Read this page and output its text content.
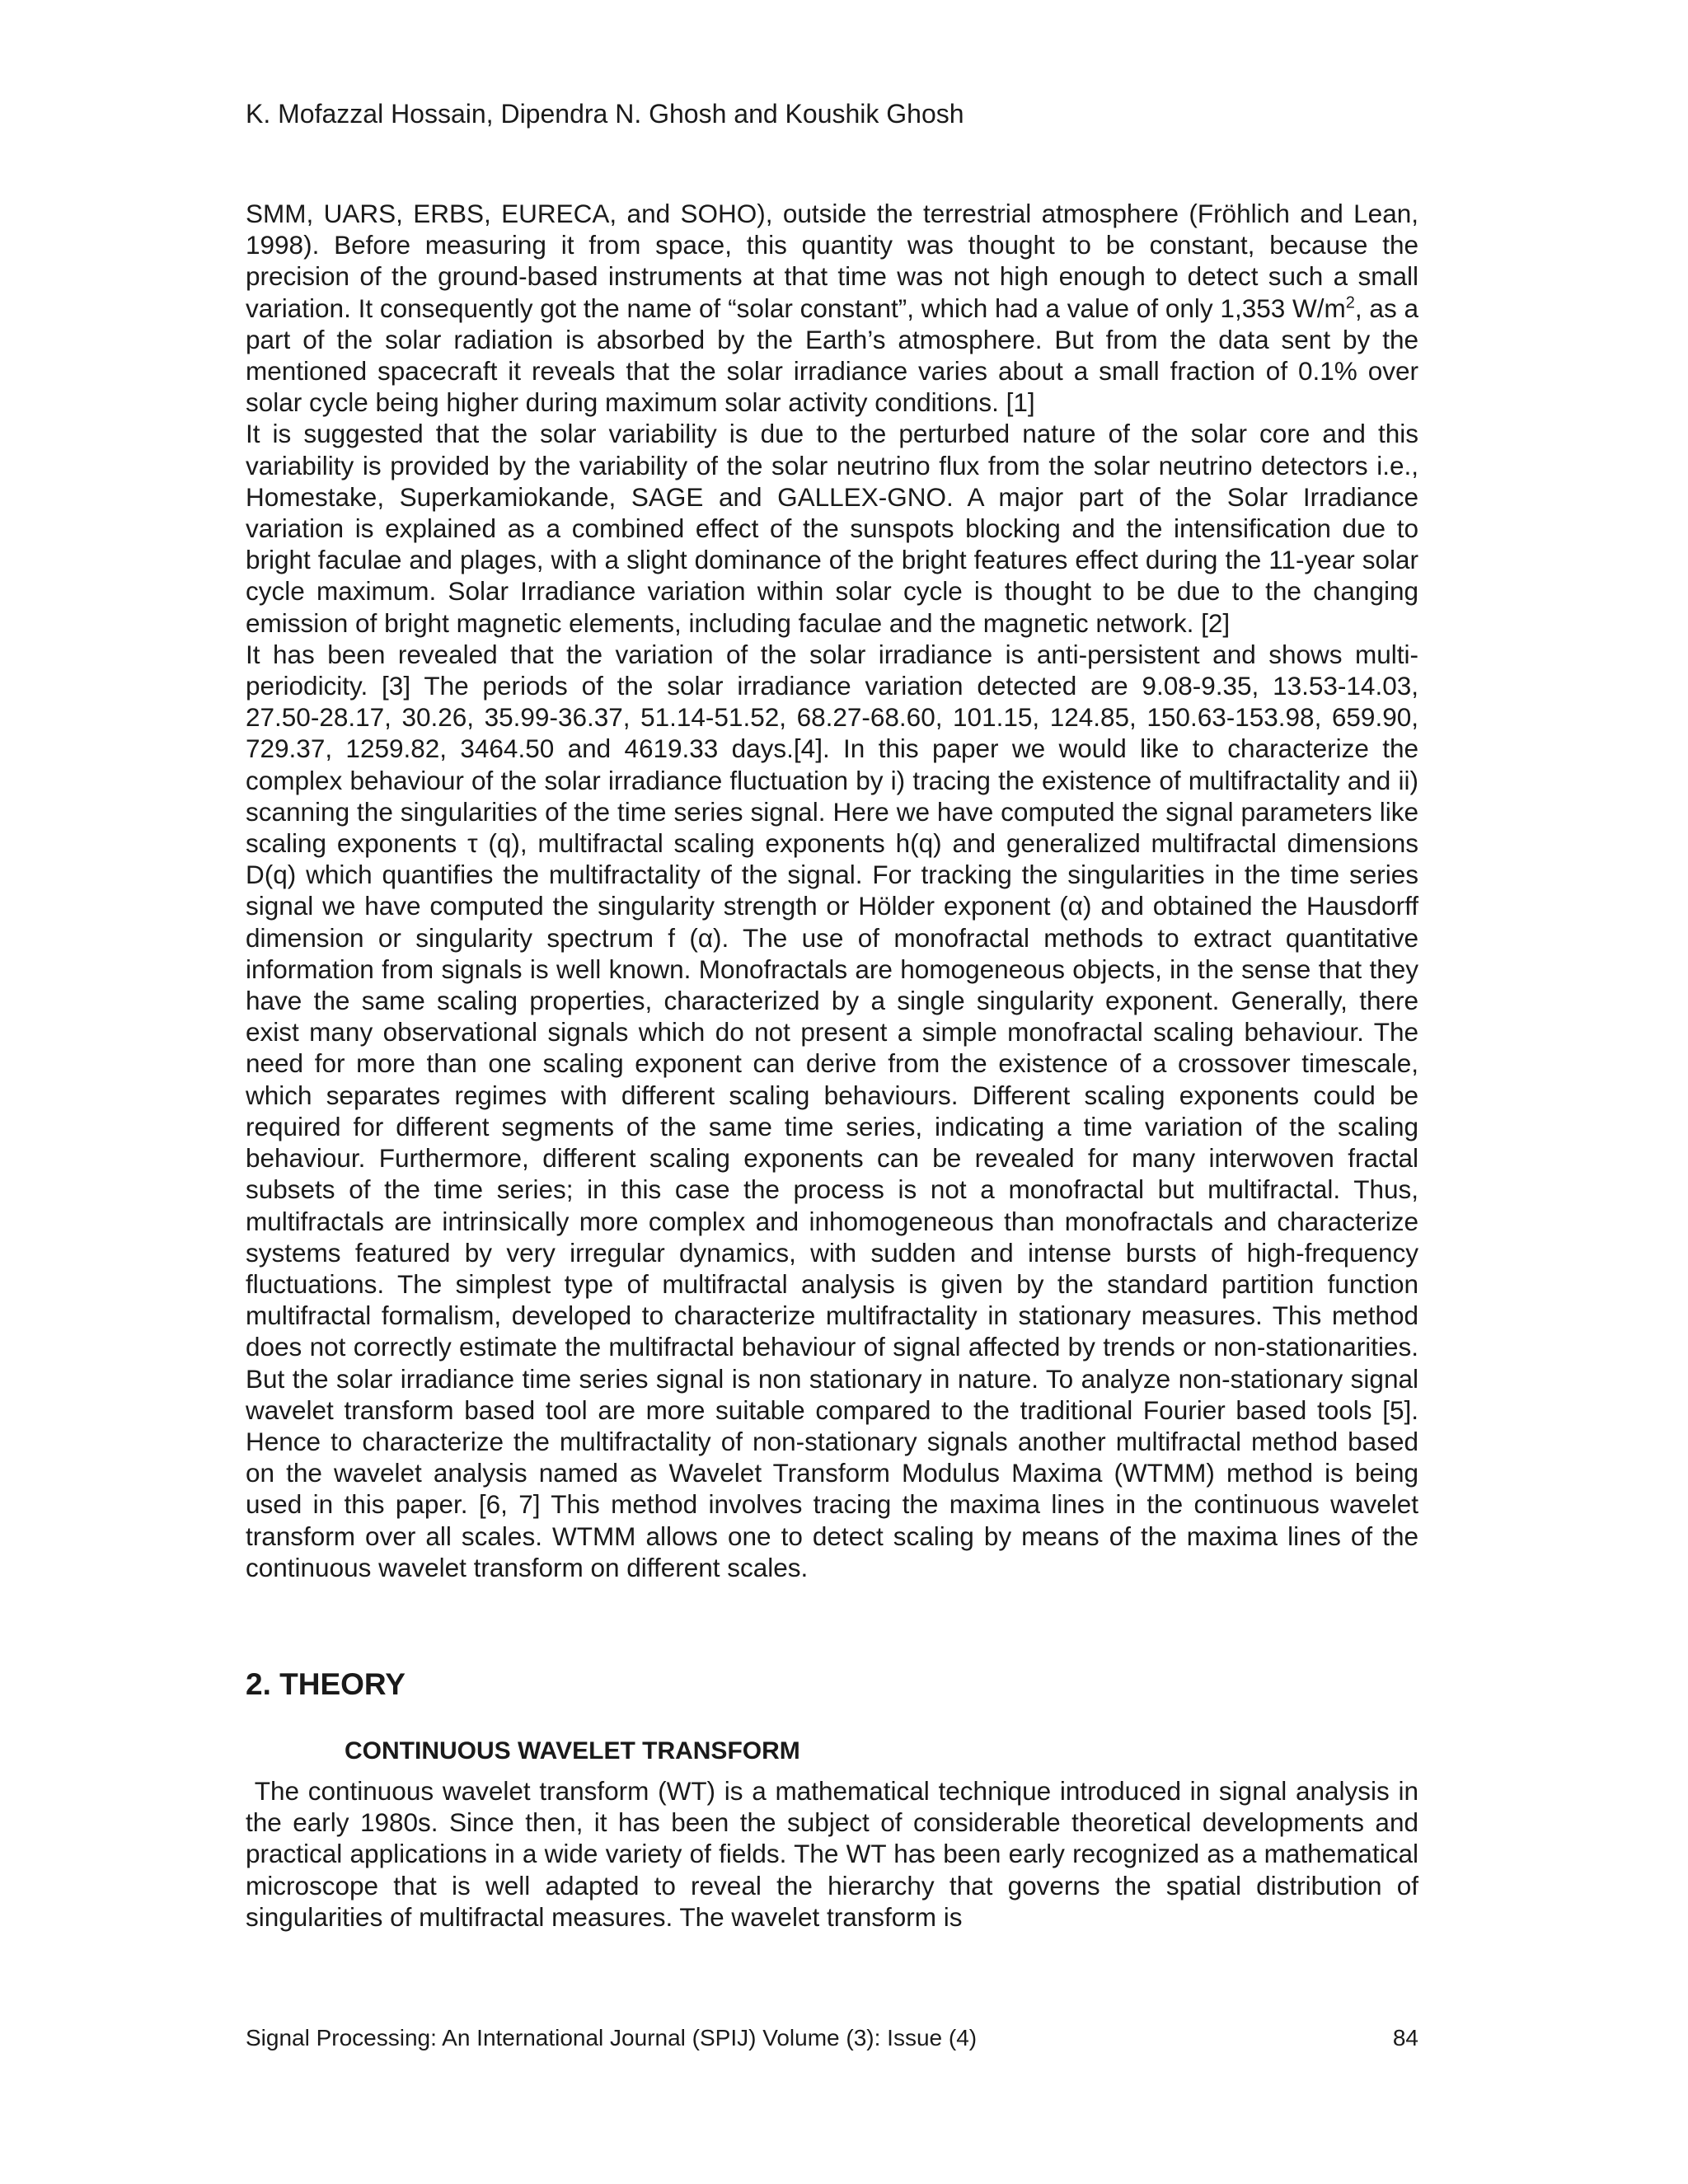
K. Mofazzal Hossain, Dipendra N. Ghosh and Koushik Ghosh

SMM, UARS, ERBS, EURECA, and SOHO), outside the terrestrial atmosphere (Fröhlich and Lean, 1998). Before measuring it from space, this quantity was thought to be constant, because the precision of the ground-based instruments at that time was not high enough to detect such a small variation. It consequently got the name of “solar constant”, which had a value of only 1,353 $W/m^2$, as a part of the solar radiation is absorbed by the Earth’s atmosphere. But from the data sent by the mentioned spacecraft it reveals that the solar irradiance varies about a small fraction of 0.1% over solar cycle being higher during maximum solar activity conditions. [1]

It is suggested that the solar variability is due to the perturbed nature of the solar core and this variability is provided by the variability of the solar neutrino flux from the solar neutrino detectors i.e., Homestake, Superkamiokande, SAGE and GALLEX-GNO. A major part of the Solar Irradiance variation is explained as a combined effect of the sunspots blocking and the intensification due to bright faculae and plages, with a slight dominance of the bright features effect during the 11-year solar cycle maximum. Solar Irradiance variation within solar cycle is thought to be due to the changing emission of bright magnetic elements, including faculae and the magnetic network. [2]

It has been revealed that the variation of the solar irradiance is anti-persistent and shows multi-periodicity. [3] The periods of the solar irradiance variation detected are 9.08-9.35, 13.53-14.03, 27.50-28.17, 30.26, 35.99-36.37, 51.14-51.52, 68.27-68.60, 101.15, 124.85, 150.63-153.98, 659.90, 729.37, 1259.82, 3464.50 and 4619.33 days.[4]. In this paper we would like to characterize the complex behaviour of the solar irradiance fluctuation by i) tracing the existence of multifractality and ii) scanning the singularities of the time series signal. Here we have computed the signal parameters like scaling exponents τ (q), multifractal scaling exponents h(q) and generalized multifractal dimensions D(q) which quantifies the multifractality of the signal. For tracking the singularities in the time series signal we have computed the singularity strength or Hölder exponent (α) and obtained the Hausdorff dimension or singularity spectrum f (α). The use of monofractal methods to extract quantitative information from signals is well known. Monofractals are homogeneous objects, in the sense that they have the same scaling properties, characterized by a single singularity exponent. Generally, there exist many observational signals which do not present a simple monofractal scaling behaviour. The need for more than one scaling exponent can derive from the existence of a crossover timescale, which separates regimes with different scaling behaviours. Different scaling exponents could be required for different segments of the same time series, indicating a time variation of the scaling behaviour. Furthermore, different scaling exponents can be revealed for many interwoven fractal subsets of the time series; in this case the process is not a monofractal but multifractal. Thus, multifractals are intrinsically more complex and inhomogeneous than monofractals and characterize systems featured by very irregular dynamics, with sudden and intense bursts of high-frequency fluctuations. The simplest type of multifractal analysis is given by the standard partition function multifractal formalism, developed to characterize multifractality in stationary measures. This method does not correctly estimate the multifractal behaviour of signal affected by trends or non-stationarities. But the solar irradiance time series signal is non stationary in nature. To analyze non-stationary signal wavelet transform based tool are more suitable compared to the traditional Fourier based tools [5]. Hence to characterize the multifractality of non-stationary signals another multifractal method based on the wavelet analysis named as Wavelet Transform Modulus Maxima (WTMM) method is being used in this paper. [6, 7] This method involves tracing the maxima lines in the continuous wavelet transform over all scales. WTMM allows one to detect scaling by means of the maxima lines of the continuous wavelet transform on different scales.

2. THEORY
CONTINUOUS WAVELET TRANSFORM

The continuous wavelet transform (WT) is a mathematical technique introduced in signal analysis in the early 1980s. Since then, it has been the subject of considerable theoretical developments and practical applications in a wide variety of fields. The WT has been early recognized as a mathematical microscope that is well adapted to reveal the hierarchy that governs the spatial distribution of singularities of multifractal measures. The wavelet transform is

Signal Processing: An International Journal (SPIJ) Volume (3): Issue (4)	84
